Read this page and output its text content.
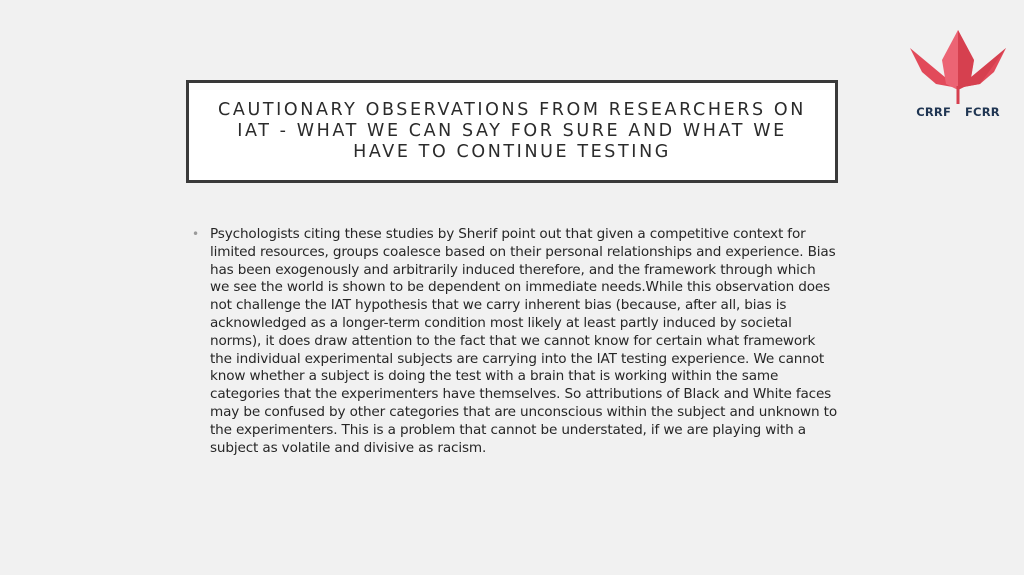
CRRF FCRR
CAUTIONARY OBSERVATIONS FROM RESEARCHERS ON IAT - WHAT WE CAN SAY FOR SURE AND WHAT WE HAVE TO CONTINUE TESTING
• Psychologists citing these studies by Sherif point out that given a competitive context for limited resources, groups coalesce based on their personal relationships and experience. Bias has been exogenously and arbitrarily induced therefore, and the framework through which we see the world is shown to be dependent on immediate needs.While this observation does not challenge the IAT hypothesis that we carry inherent bias (because, after all, bias is acknowledged as a longer-term condition most likely at least partly induced by societal norms), it does draw attention to the fact that we cannot know for certain what framework the individual experimental subjects are carrying into the IAT testing experience. We cannot know whether a subject is doing the test with a brain that is working within the same categories that the experimenters have themselves. So attributions of Black and White faces may be confused by other categories that are unconscious within the subject and unknown to the experimenters. This is a problem that cannot be understated, if we are playing with a subject as volatile and divisive as racism.
